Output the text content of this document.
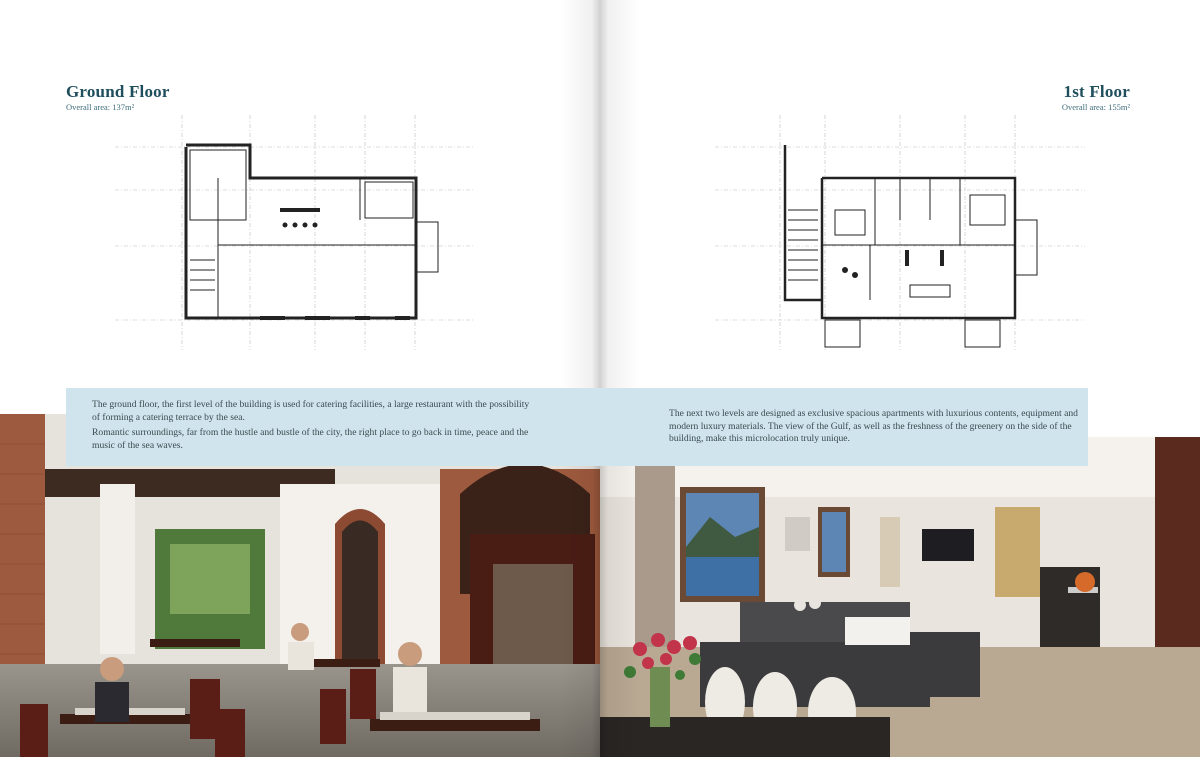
Ground Floor
Overall area: 137m²
1st Floor
Overall area: 155m²

The ground floor, the first level of the building is used for catering facilities, a large restaurant with the possibility of forming a catering terrace by the sea.

Romantic surroundings, far from the hustle and bustle of the city, the right place to go back in time, peace and the music of the sea waves.

The next two levels are designed as exclusive spacious apartments with luxurious contents, equipment and modern luxury materials. The view of the Gulf, as well as the freshness of the greenery on the side of the building, make this microlocation truly unique.
